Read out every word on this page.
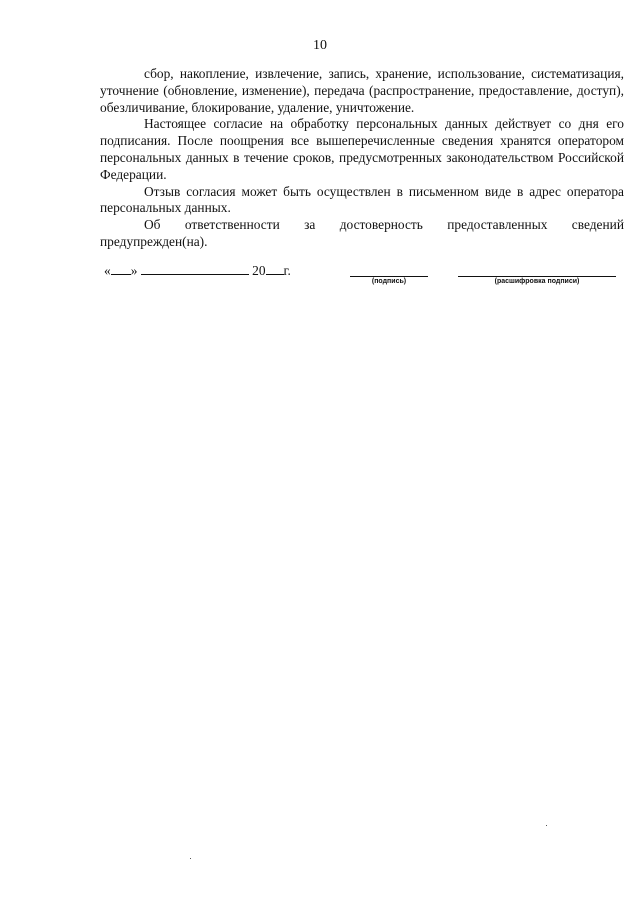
10

сбор, накопление, извлечение, запись, хранение, использование, систематизация, уточнение (обновление, изменение), передача (распространение, предоставление, доступ), обезличивание, блокирование, удаление, уничтожение.

Настоящее согласие на обработку персональных данных действует со дня его подписания. После поощрения все вышеперечисленные сведения хранятся оператором персональных данных в течение сроков, предусмотренных законодательством Российской Федерации.

Отзыв согласия может быть осуществлен в письменном виде в адрес оператора персональных данных.

Об ответственности за достоверность предоставленных сведений предупрежден(на).

« »	20 г.
(подпись)	(расшифровка подписи)
